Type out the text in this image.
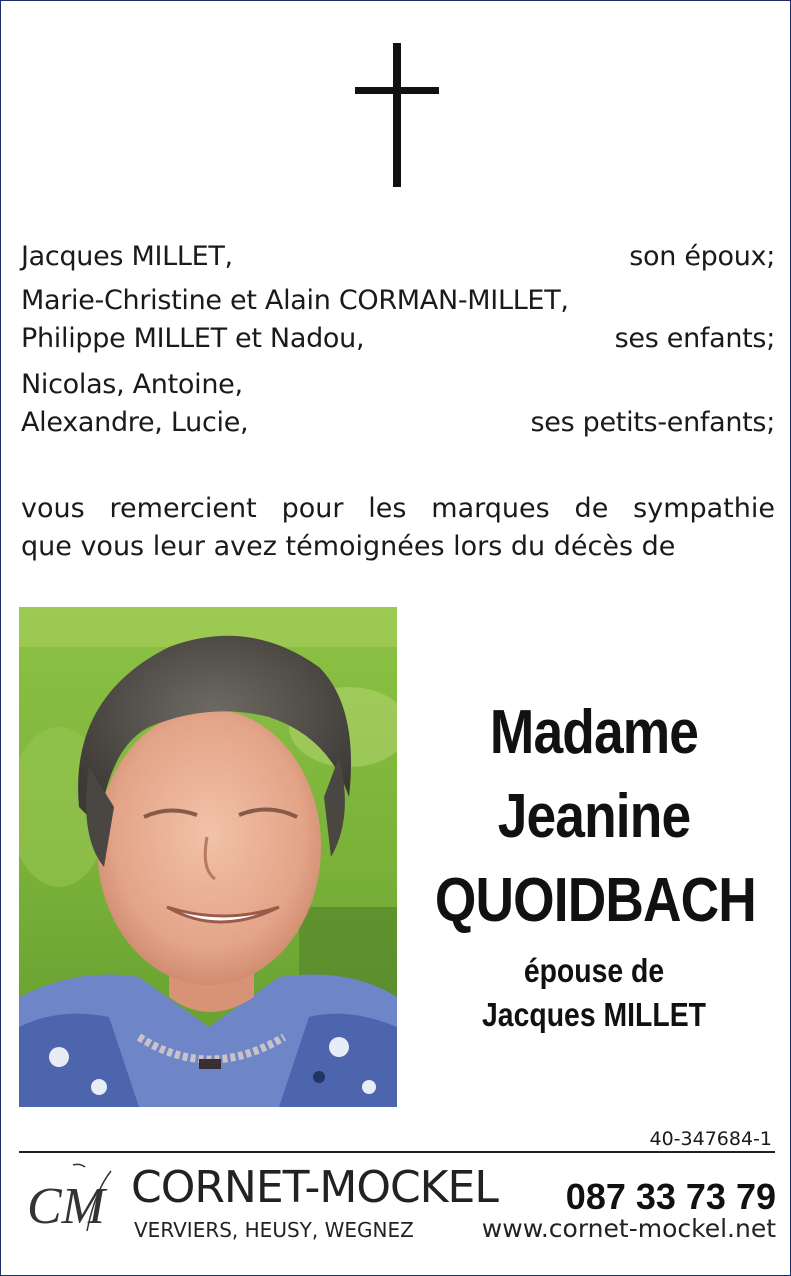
Jacques MILLET,	son époux;
Marie-Christine et Alain CORMAN-MILLET,
Philippe MILLET et Nadou,	ses enfants;
Nicolas, Antoine,
Alexandre, Lucie,	ses petits-enfants;
vous remercient pour les marques de sympathie
que vous leur avez témoignées lors du décès de
Madame
Jeanine
QUOIDBACH
épouse de
Jacques MILLET
40-347684-1
CM CORNET-MOCKEL
VERVIERS, HEUSY, WEGNEZ
087 33 73 79
www.cornet-mockel.net
